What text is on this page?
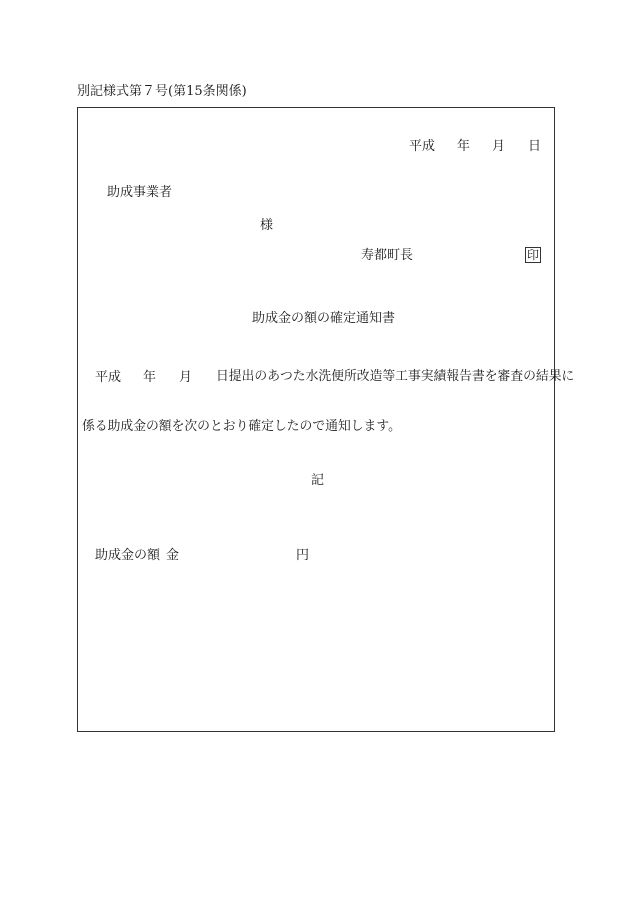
別記様式第７号(第15条関係)
平成 年 月 日
助成事業者
様
寿都町長	印
助成金の額の確定通知書
平成 年 月 日提出のあつた水洗便所改造等工事実績報告書を審査の結果に
係る助成金の額を次のとおり確定したので通知します。
記
助成金の額 金	円
